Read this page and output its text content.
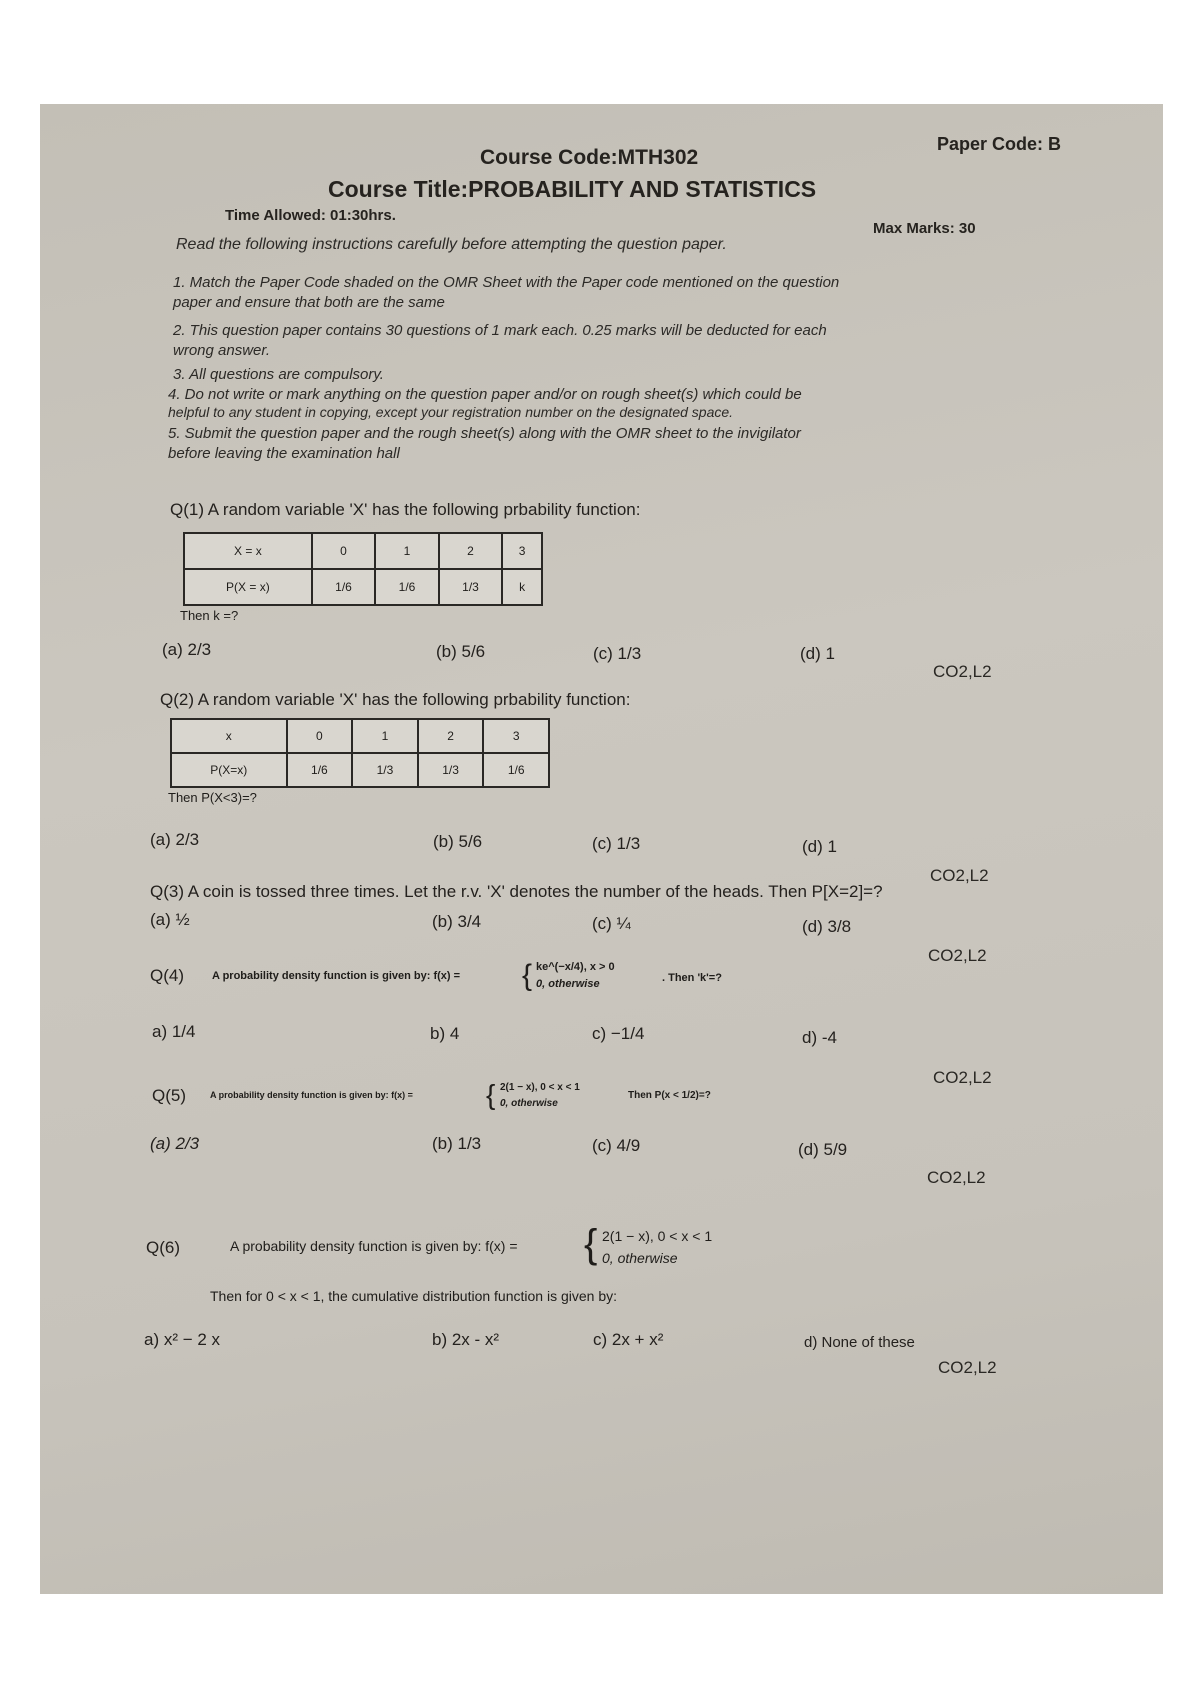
Paper Code: B
Course Code:MTH302
Course Title:PROBABILITY AND STATISTICS
Time Allowed: 01:30hrs.
Max Marks: 30
Read the following instructions carefully before attempting the question paper.
1. Match the Paper Code shaded on the OMR Sheet with the Paper code mentioned on the question
paper and ensure that both are the same
2. This question paper contains 30 questions of 1 mark each. 0.25 marks will be deducted for each
wrong answer.
3. All questions are compulsory.
4. Do not write or mark anything on the question paper and/or on rough sheet(s) which could be
helpful to any student in copying, except your registration number on the designated space.
5. Submit the question paper and the rough sheet(s) along with the OMR sheet to the invigilator
before leaving the examination hall
Q(1) A random variable 'X' has the following prbability function:
X = x	0	1	2	3
P(X = x)	1/6	1/6	1/3	k
Then k =?
(a) 2/3	(b) 5/6	(c) 1/3	(d) 1
CO2,L2
Q(2) A random variable 'X' has the following prbability function:
x	0	1	2	3
P(X=x)	1/6	1/3	1/3	1/6
Then P(X<3)=?
(a) 2/3	(b) 5/6	(c) 1/3	(d) 1
CO2,L2
Q(3) A coin is tossed three times. Let the r.v. 'X' denotes the number of the heads. Then P[X=2]=?
(a) ½	(b) 3/4	(c) ¼	(d) 3/8
CO2,L2
Q(4)	A probability density function is given by: f(x) = { ke^(−x/4), x > 0
0, otherwise	. Then 'k'=?
a) 1/4	b) 4	c) −1/4	d) -4
CO2,L2
Q(5)	A probability density function is given by: f(x) =	{ 2(1 − x), 0 < x < 1
0, otherwise
Then P(x < 1/2)=?
(a) 2/3	(b) 1/3	(c) 4/9	(d) 5/9
CO2,L2
Q(6)	A probability density function is given by: f(x) = { 2(1 − x), 0 < x < 1
0, otherwise
Then for 0 < x < 1, the cumulative distribution function is given by:
a) x² − 2 x	b) 2x - x²	c) 2x + x²	d) None of these
CO2,L2
